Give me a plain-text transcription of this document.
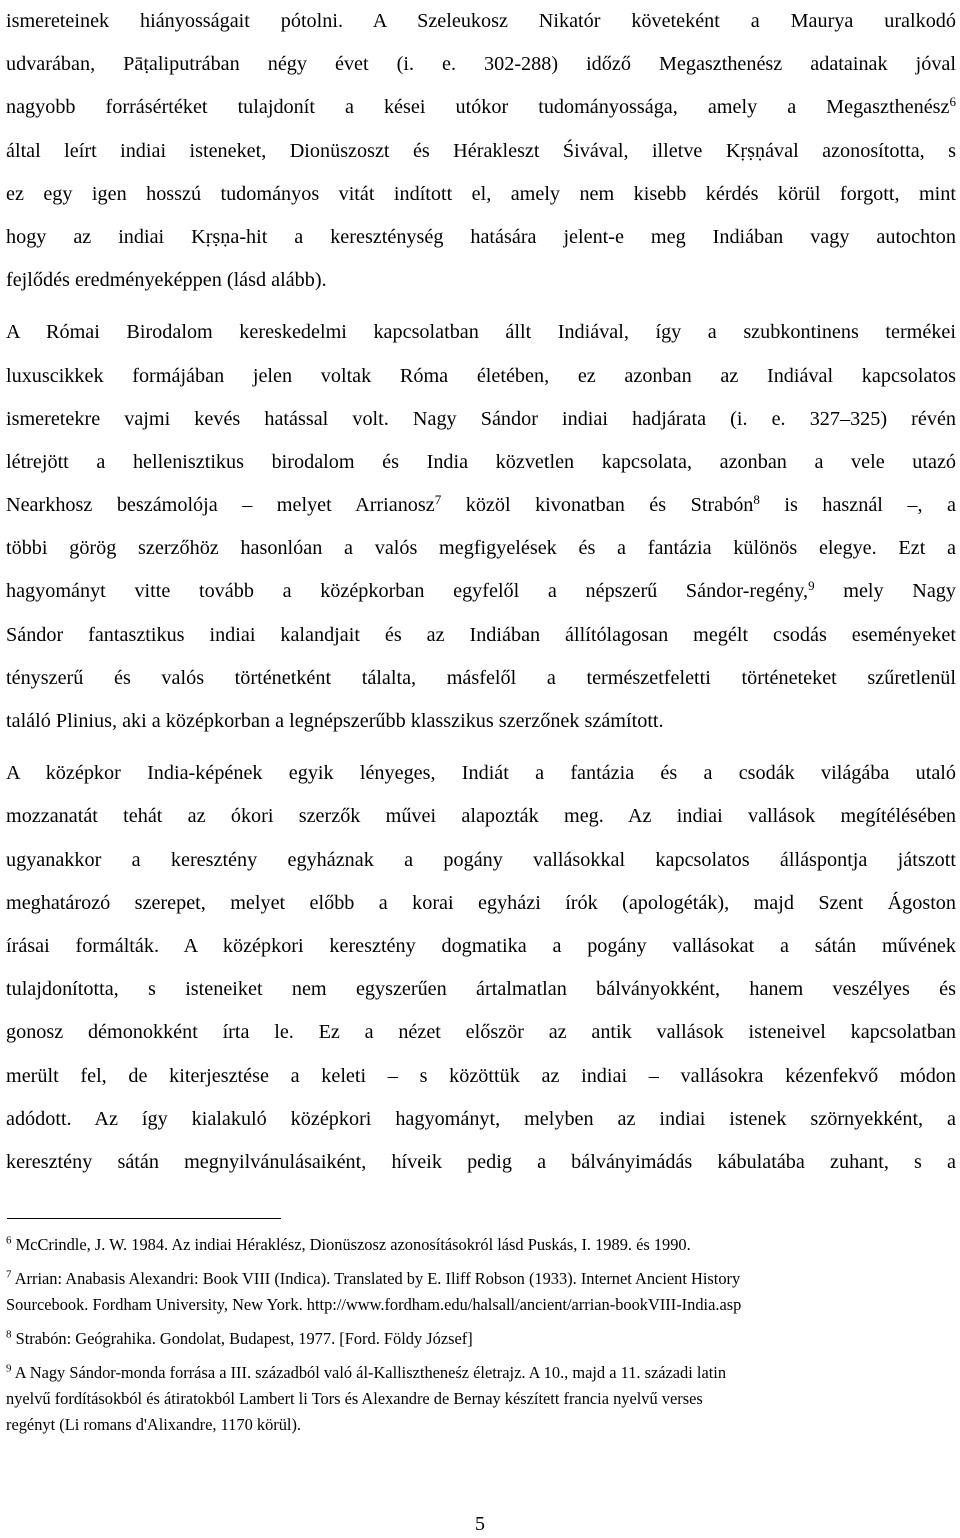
ismereteinek hiányosságait pótolni. A Szeleukosz Nikatór követeként a Maurya uralkodó
udvarában, Pāṭaliputrában négy évet (i. e. 302-288) időző Megaszthenész adatainak jóval
nagyobb forrásértéket tulajdonít a kései utókor tudományossága, amely a Megaszthenész$^6$
által leírt indiai isteneket, Dionüszoszt és Hérakleszt Śivával, illetve Kṛṣṇával azonosította, s
ez egy igen hosszú tudományos vitát indított el, amely nem kisebb kérdés körül forgott, mint
hogy az indiai Kṛṣṇa-hit a kereszténység hatására jelent-e meg Indiában vagy autochton
fejlődés eredményeképpen (lásd alább).
A Római Birodalom kereskedelmi kapcsolatban állt Indiával, így a szubkontinens termékei
luxuscikkek formájában jelen voltak Róma életében, ez azonban az Indiával kapcsolatos
ismeretekre vajmi kevés hatással volt. Nagy Sándor indiai hadjárata (i. e. 327–325) révén
létrejött a hellenisztikus birodalom és India közvetlen kapcsolata, azonban a vele utazó
Nearkhosz beszámolója – melyet Arrianosz$^7$ közöl kivonatban és Strabón$^8$ is használ –, a
többi görög szerzőhöz hasonlóan a valós megfigyelések és a fantázia különös elegye. Ezt a
hagyományt vitte tovább a középkorban egyfelől a népszerű Sándor-regény,$^9$ mely Nagy
Sándor fantasztikus indiai kalandjait és az Indiában állítólagosan megélt csodás eseményeket
tényszerű és valós történetként tálalta, másfelől a természetfeletti történeteket szűretlenül
találó Plinius, aki a középkorban a legnépszerűbb klasszikus szerzőnek számított.
A középkor India-képének egyik lényeges, Indiát a fantázia és a csodák világába utaló
mozzanatát tehát az ókori szerzők művei alapozták meg. Az indiai vallások megítélésében
ugyanakkor a keresztény egyháznak a pogány vallásokkal kapcsolatos álláspontja játszott
meghatározó szerepet, melyet előbb a korai egyházi írók (apologéták), majd Szent Ágoston
írásai formálták. A középkori keresztény dogmatika a pogány vallásokat a sátán művének
tulajdonította, s isteneiket nem egyszerűen ártalmatlan bálványokként, hanem veszélyes és
gonosz démonokként írta le. Ez a nézet először az antik vallások isteneivel kapcsolatban
merült fel, de kiterjesztése a keleti – s közöttük az indiai – vallásokra kézenfekvő módon
adódott. Az így kialakuló középkori hagyományt, melyben az indiai istenek szörnyekként, a
keresztény sátán megnyilvánulásaiként, híveik pedig a bálványimádás kábulatába zuhant, s a
$^6$ McCrindle, J. W. 1984. Az indiai Héraklész, Dionüszosz azonosításokról lásd Puskás, I. 1989. és 1990.
$^7$ Arrian: Anabasis Alexandri: Book VIII (Indica). Translated by E. Iliff Robson (1933). Internet Ancient History
Sourcebook. Fordham University, New York. http://www.fordham.edu/halsall/ancient/arrian-bookVIII-India.asp
$^8$ Strabón: Geógrahika. Gondolat, Budapest, 1977. [Ford. Földy József]
$^9$ A Nagy Sándor-monda forrása a III. századból való ál-Kallisztheneśz életrajz. A 10., majd a 11. századi latin
nyelvű fordításokból és átiratokból Lambert li Tors és Alexandre de Bernay készített francia nyelvű verses
regényt (Li romans d'Alixandre, 1170 körül).
5
